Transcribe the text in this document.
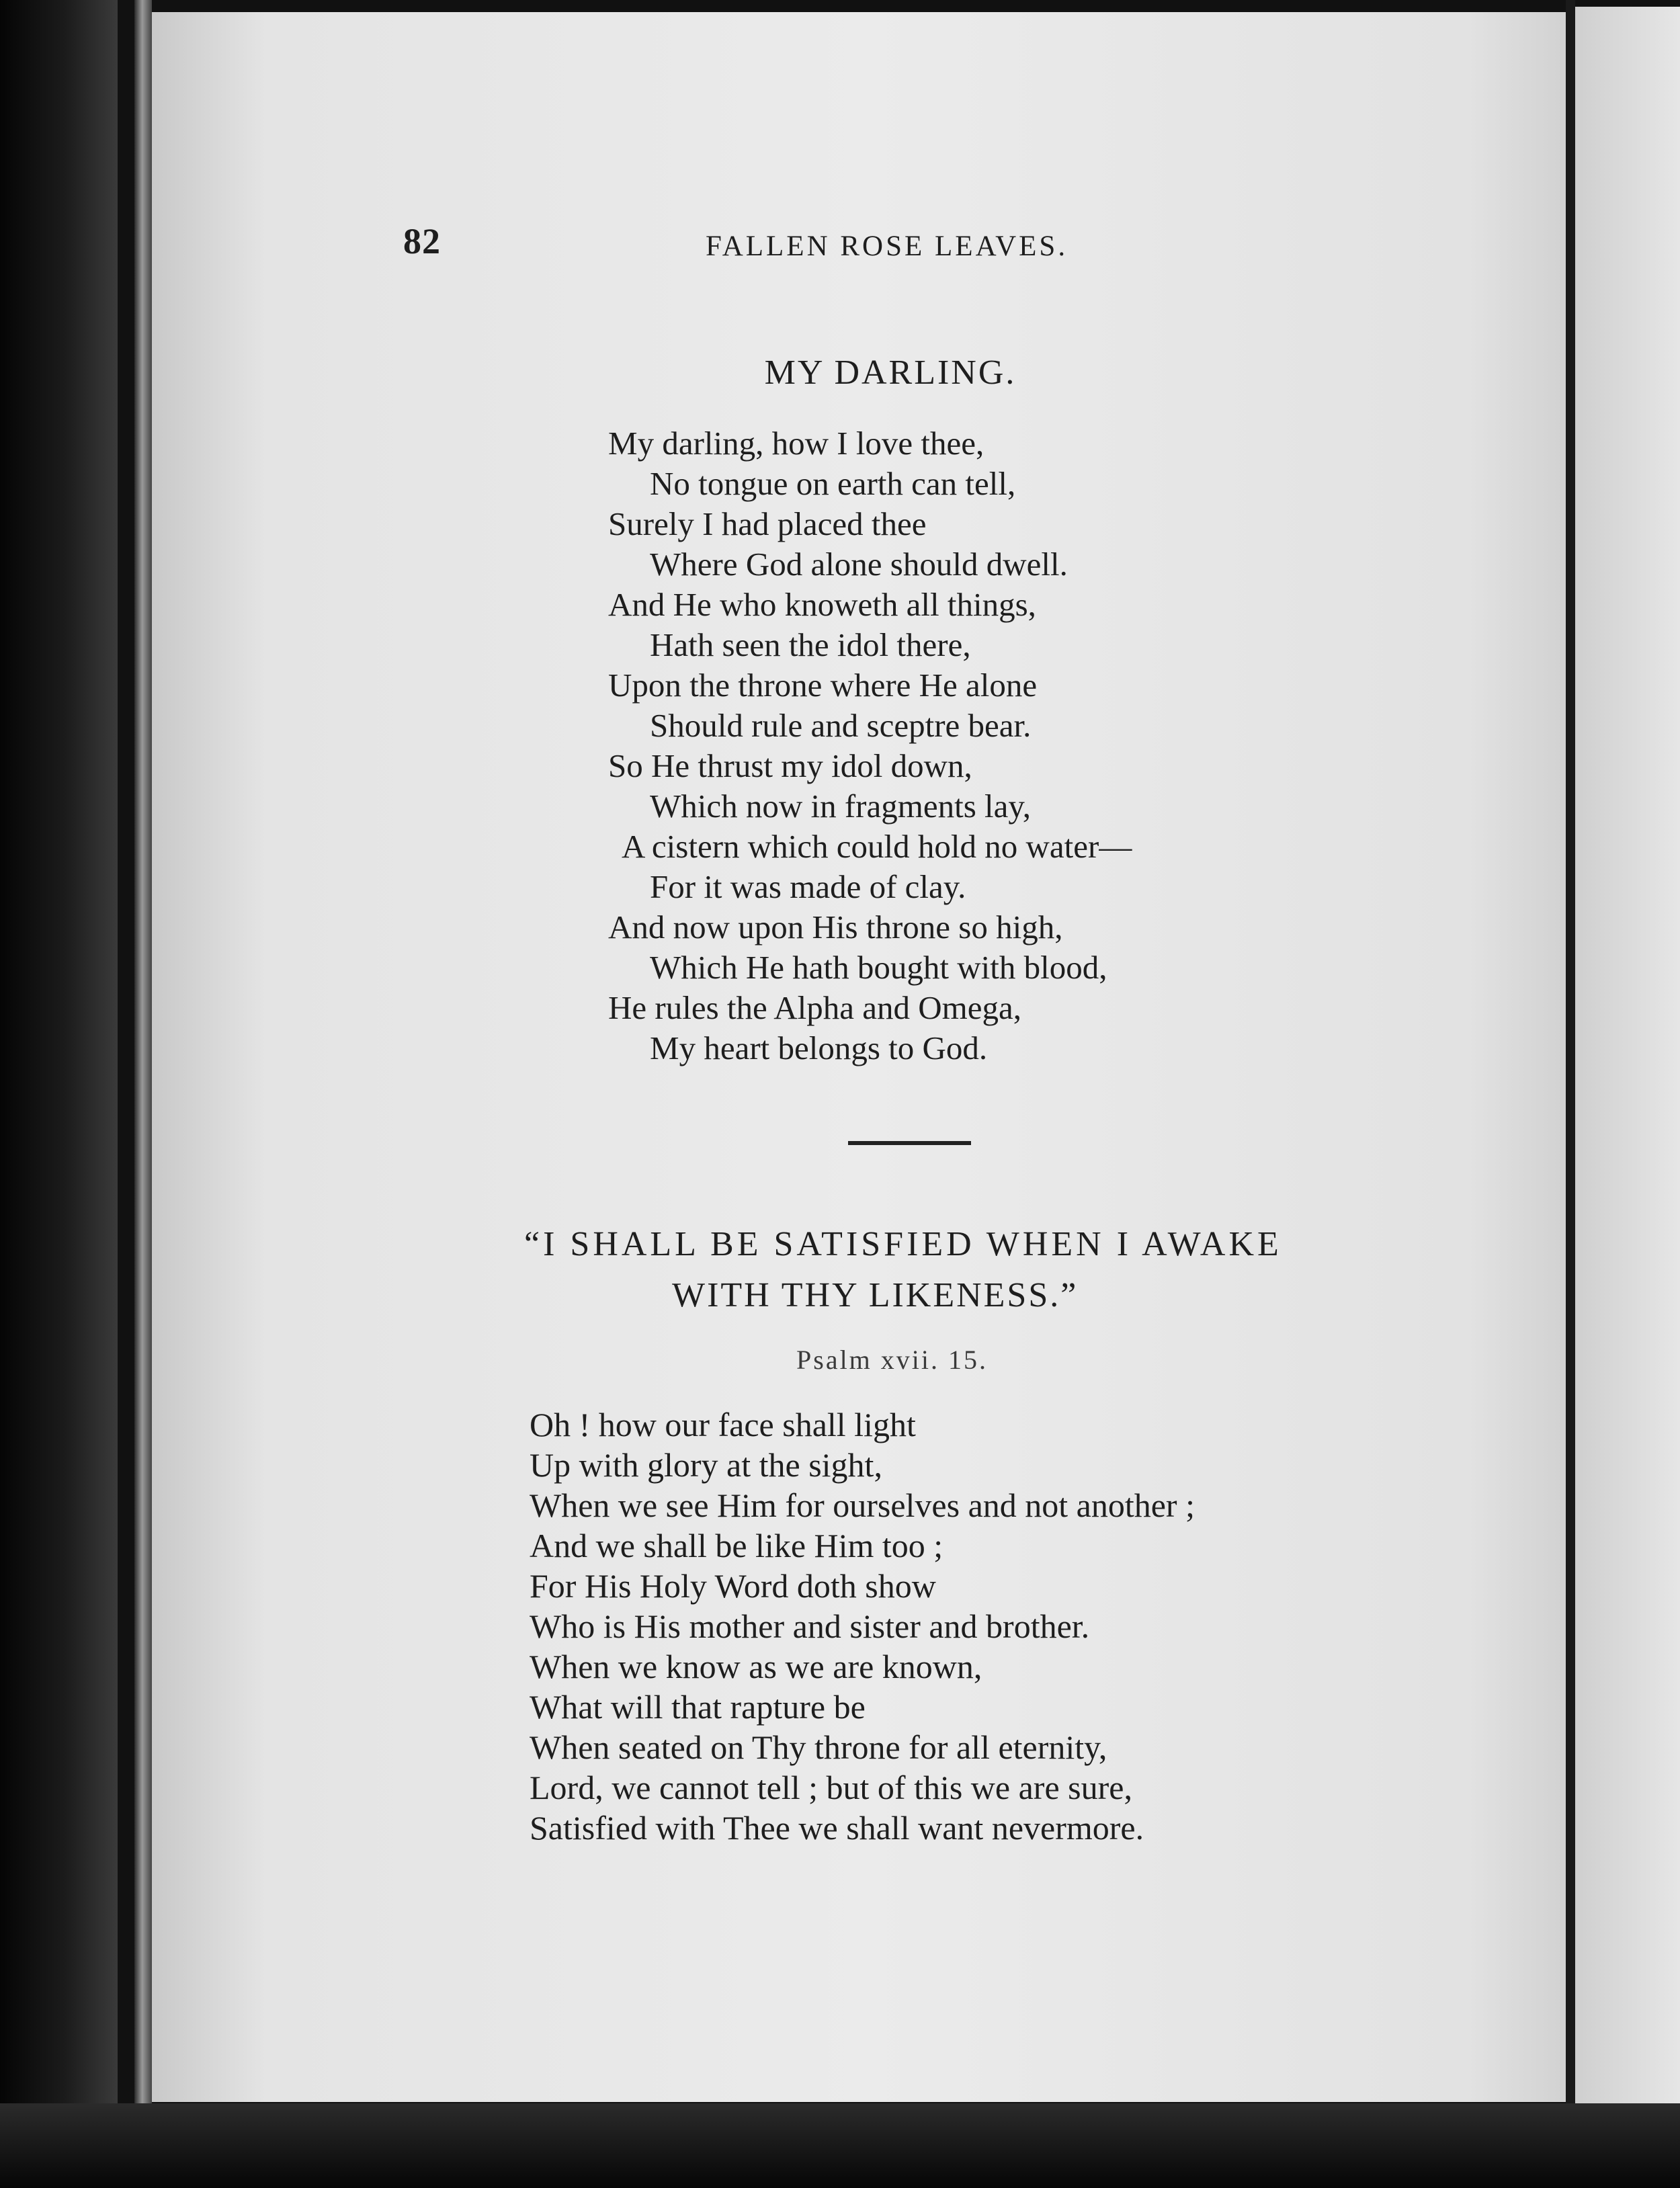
82	FALLEN ROSE LEAVES.
MY DARLING.
My darling, how I love thee,
No tongue on earth can tell,
Surely I had placed thee
Where God alone should dwell.
And He who knoweth all things,
Hath seen the idol there,
Upon the throne where He alone
Should rule and sceptre bear.
So He thrust my idol down,
Which now in fragments lay,
A cistern which could hold no water—
For it was made of clay.
And now upon His throne so high,
Which He hath bought with blood,
He rules the Alpha and Omega,
My heart belongs to God.
“I SHALL BE SATISFIED WHEN I AWAKE
WITH THY LIKENESS.”
Psalm xvii. 15.
Oh ! how our face shall light
Up with glory at the sight,
When we see Him for ourselves and not another ;
And we shall be like Him too ;
For His Holy Word doth show
Who is His mother and sister and brother.
When we know as we are known,
What will that rapture be
When seated on Thy throne for all eternity,
Lord, we cannot tell ; but of this we are sure,
Satisfied with Thee we shall want nevermore.
